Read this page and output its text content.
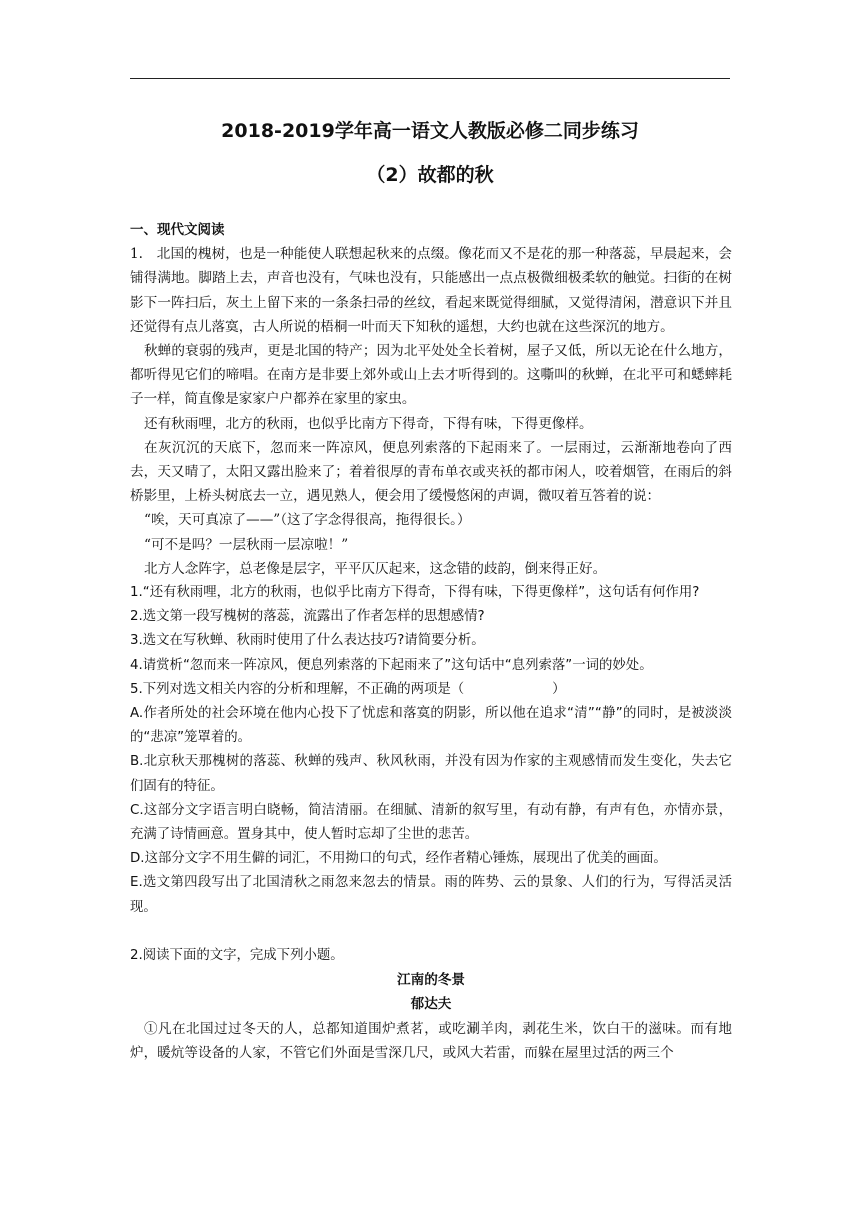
2018-2019学年高一语文人教版必修二同步练习
（2）故都的秋

一、现代文阅读

1.　北国的槐树，也是一种能使人联想起秋来的点缀。像花而又不是花的那一种落蕊，早晨起来，会铺得满地。脚踏上去，声音也没有，气味也没有，只能感出一点点极微细极柔软的触觉。扫街的在树影下一阵扫后，灰土上留下来的一条条扫帚的丝纹，看起来既觉得细腻，又觉得清闲，潜意识下并且还觉得有点儿落寞，古人所说的梧桐一叶而天下知秋的遥想，大约也就在这些深沉的地方。

秋蝉的衰弱的残声，更是北国的特产；因为北平处处全长着树，屋子又低，所以无论在什么地方，都听得见它们的啼唱。在南方是非要上郊外或山上去才听得到的。这嘶叫的秋蝉，在北平可和蟋蟀耗子一样，简直像是家家户户都养在家里的家虫。

还有秋雨哩，北方的秋雨，也似乎比南方下得奇，下得有味，下得更像样。

在灰沉沉的天底下，忽而来一阵凉风，便息列索落的下起雨来了。一层雨过，云渐渐地卷向了西去，天又晴了，太阳又露出脸来了；着着很厚的青布单衣或夹袄的都市闲人，咬着烟管，在雨后的斜桥影里，上桥头树底去一立，遇见熟人，便会用了缓慢悠闲的声调，微叹着互答着的说：

“唉，天可真凉了——”（这了字念得很高，拖得很长。）

“可不是吗？一层秋雨一层凉啦！”

北方人念阵字，总老像是层字，平平仄仄起来，这念错的歧韵，倒来得正好。

1.“还有秋雨哩，北方的秋雨，也似乎比南方下得奇，下得有味，下得更像样”，这句话有何作用?

2.选文第一段写槐树的落蕊，流露出了作者怎样的思想感情?

3.选文在写秋蝉、秋雨时使用了什么表达技巧?请简要分析。

4.请赏析“忽而来一阵凉风，便息列索落的下起雨来了”这句话中“息列索落”一词的妙处。

5.下列对选文相关内容的分析和理解，不正确的两项是（	）

A.作者所处的社会环境在他内心投下了忧虑和落寞的阴影，所以他在追求“清”“静”的同时，是被淡淡的“悲凉”笼罩着的。

B.北京秋天那槐树的落蕊、秋蝉的残声、秋风秋雨，并没有因为作家的主观感情而发生变化，失去它们固有的特征。

C.这部分文字语言明白晓畅，简洁清丽。在细腻、清新的叙写里，有动有静，有声有色，亦情亦景，充满了诗情画意。置身其中，使人暂时忘却了尘世的悲苦。

D.这部分文字不用生僻的词汇，不用拗口的句式，经作者精心锤炼，展现出了优美的画面。

E.选文第四段写出了北国清秋之雨忽来忽去的情景。雨的阵势、云的景象、人们的行为，写得活灵活现。

2.阅读下面的文字，完成下列小题。

江南的冬景

郁达夫

①凡在北国过过冬天的人，总都知道围炉煮茗，或吃涮羊肉，剥花生米，饮白干的滋味。而有地炉，暖炕等设备的人家，不管它们外面是雪深几尺，或风大若雷，而躲在屋里过活的两三个
